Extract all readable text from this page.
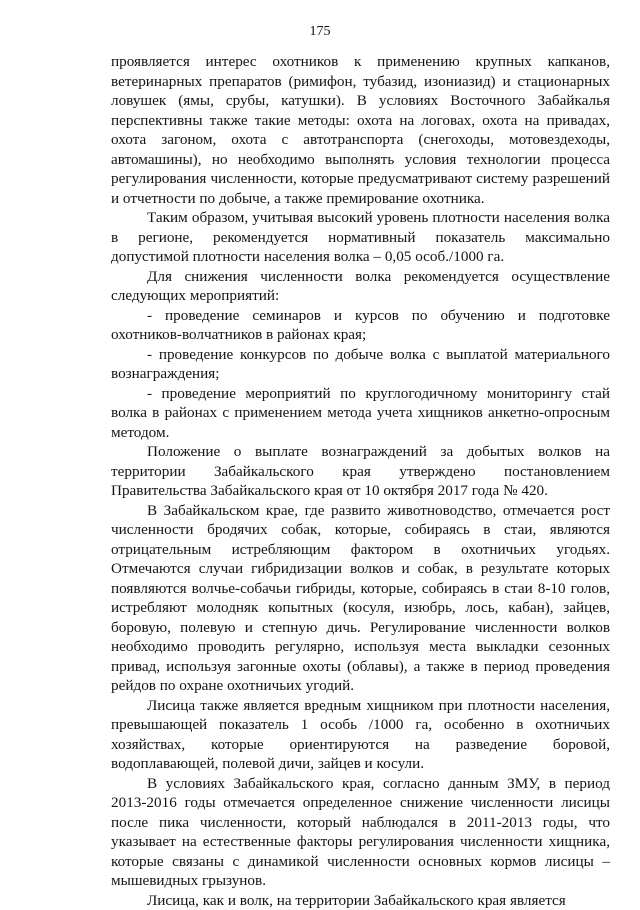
175

проявляется интерес охотников к применению крупных капканов, ветеринарных препаратов (римифон, тубазид, изониазид) и стационарных ловушек (ямы, срубы, катушки). В условиях Восточного Забайкалья перспективны также такие методы: охота на логовах, охота на привадах, охота загоном, охота с автотранспорта (снегоходы, мотовездеходы, автомашины), но необходимо выполнять условия технологии процесса регулирования численности, которые предусматривают систему разрешений и отчетности по добыче, а также премирование охотника.

Таким образом, учитывая высокий уровень плотности населения волка в регионе, рекомендуется нормативный показатель максимально допустимой плотности населения волка – 0,05 особ./1000 га.

Для снижения численности волка рекомендуется осуществление следующих мероприятий:

- проведение семинаров и курсов по обучению и подготовке охотников-волчатников в районах края;

- проведение конкурсов по добыче волка с выплатой материального вознаграждения;

- проведение мероприятий по круглогодичному мониторингу стай волка в районах с применением метода учета хищников анкетно-опросным методом.

Положение о выплате вознаграждений за добытых волков на территории Забайкальского края утверждено постановлением Правительства Забайкальского края от 10 октября 2017 года № 420.

В Забайкальском крае, где развито животноводство, отмечается рост численности бродячих собак, которые, собираясь в стаи, являются отрицательным истребляющим фактором в охотничьих угодьях. Отмечаются случаи гибридизации волков и собак, в результате которых появляются волчье-собачьи гибриды, которые, собираясь в стаи 8-10 голов, истребляют молодняк копытных (косуля, изюбрь, лось, кабан), зайцев, боровую, полевую и степную дичь. Регулирование численности волков необходимо проводить регулярно, используя места выкладки сезонных привад, используя загонные охоты (облавы), а также в период проведения рейдов по охране охотничьих угодий.

Лисица также является вредным хищником при плотности населения, превышающей показатель 1 особь /1000 га, особенно в охотничьих хозяйствах, которые ориентируются на разведение боровой, водоплавающей, полевой дичи, зайцев и косули.

В условиях Забайкальского края, согласно данным ЗМУ, в период 2013-2016 годы отмечается определенное снижение численности лисицы после пика численности, который наблюдался в 2011-2013 годы, что указывает на естественные факторы регулирования численности хищника, которые связаны с динамикой численности основных кормов лисицы – мышевидных грызунов.

Лисица, как и волк, на территории Забайкальского края является
